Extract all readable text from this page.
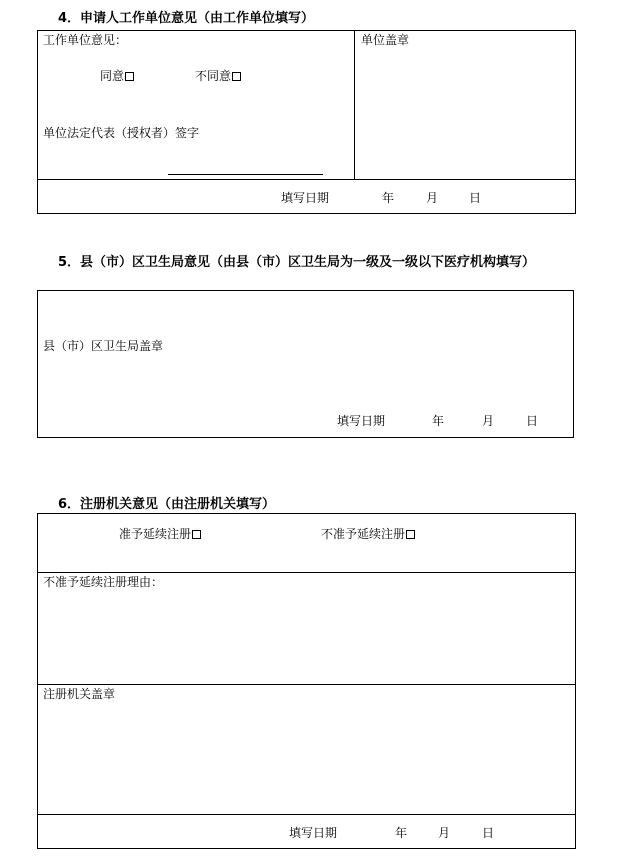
4．申请人工作单位意见（由工作单位填写）
工作单位意见：	单位盖章
同意	不同意
单位法定代表（授权者）签字
填写日期	年	月	日
5．县（市）区卫生局意见（由县（市）区卫生局为一级及一级以下医疗机构填写）
县（市）区卫生局盖章
填写日期	年	月	日
6．注册机关意见（由注册机关填写）
准予延续注册	不准予延续注册
不准予延续注册理由：
注册机关盖章
填写日期	年	月	日
